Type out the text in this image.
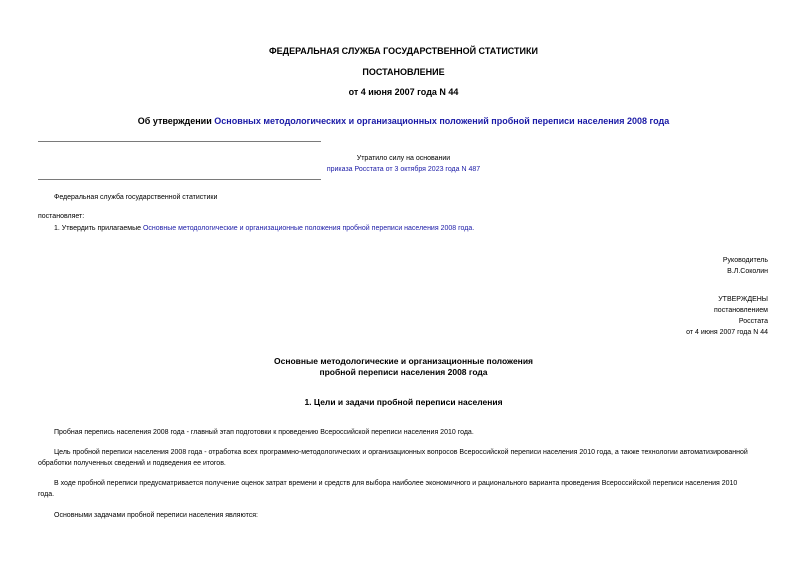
ФЕДЕРАЛЬНАЯ СЛУЖБА ГОСУДАРСТВЕННОЙ СТАТИСТИКИ
ПОСТАНОВЛЕНИЕ
от 4 июня 2007 года N 44
Об утверждении Основных методологических и организационных положений пробной переписи населения 2008 года
Утратило силу на основании
приказа Росстата от 3 октября 2023 года N 487
Федеральная служба государственной статистики
постановляет:
1. Утвердить прилагаемые Основные методологические и организационные положения пробной переписи населения 2008 года.
Руководитель
В.Л.Соколин
УТВЕРЖДЕНЫ
постановлением
Росстата
от 4 июня 2007 года N 44
Основные методологические и организационные положения
пробной переписи населения 2008 года
1. Цели и задачи пробной переписи населения
Пробная перепись населения 2008 года - главный этап подготовки к проведению Всероссийской переписи населения 2010 года.
Цель пробной переписи населения 2008 года - отработка всех программно-методологических и организационных вопросов Всероссийской переписи населения 2010 года, а также технологии автоматизированной
обработки полученных сведений и подведения ее итогов.
В ходе пробной переписи предусматривается получение оценок затрат времени и средств для выбора наиболее экономичного и рационального варианта проведения Всероссийской переписи населения 2010
года.
Основными задачами пробной переписи населения являются:
